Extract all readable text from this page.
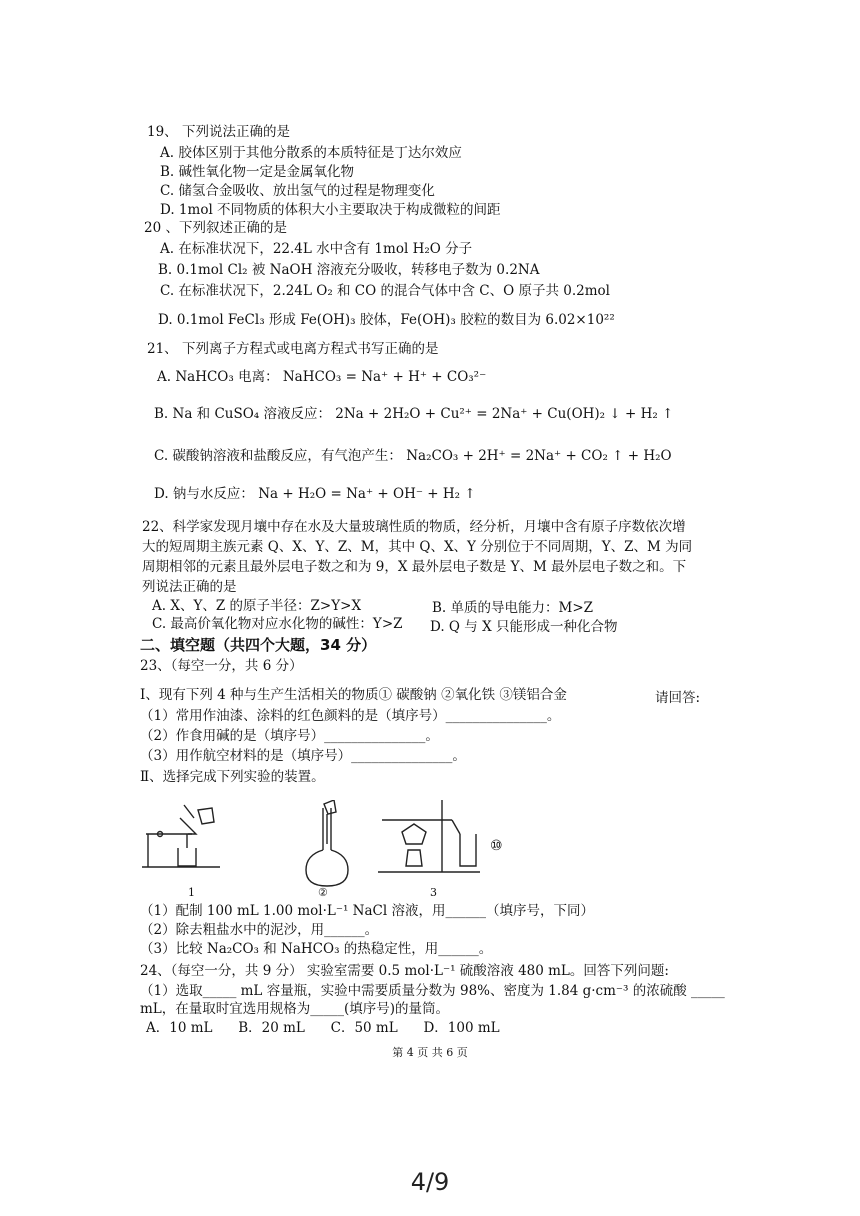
19、 下列说法正确的是
A. 胶体区别于其他分散系的本质特征是丁达尔效应
B. 碱性氧化物一定是金属氧化物
C. 储氢合金吸收、放出氢气的过程是物理变化
D. 1mol 不同物质的体积大小主要取决于构成微粒的间距
20 、下列叙述正确的是
A. 在标准状况下，22.4L 水中含有 1mol H₂O 分子
B. 0.1mol Cl₂ 被 NaOH 溶液充分吸收，转移电子数为 0.2NA
C. 在标准状况下，2.24L O₂ 和 CO 的混合气体中含 C、O 原子共 0.2mol
D. 0.1mol FeCl₃ 形成 Fe(OH)₃ 胶体，Fe(OH)₃ 胶粒的数目为 6.02×10²²
21、 下列离子方程式或电离方程式书写正确的是
A. NaHCO₃ 电离： NaHCO₃ = Na⁺ + H⁺ + CO₃²⁻
B. Na 和 CuSO₄ 溶液反应： 2Na + 2H₂O + Cu²⁺ = 2Na⁺ + Cu(OH)₂ ↓ + H₂ ↑
C. 碳酸钠溶液和盐酸反应，有气泡产生： Na₂CO₃ + 2H⁺ = 2Na⁺ + CO₂ ↑ + H₂O
D. 钠与水反应： Na + H₂O = Na⁺ + OH⁻ + H₂ ↑
22、科学家发现月壤中存在水及大量玻璃性质的物质，经分析，月壤中含有原子序数依次增
大的短周期主族元素 Q、X、Y、Z、M，其中 Q、X、Y 分别位于不同周期，Y、Z、M 为同
周期相邻的元素且最外层电子数之和为 9，X 最外层电子数是 Y、M 最外层电子数之和。下
列说法正确的是
A. X、Y、Z 的原子半径：Z>Y>X	B. 单质的导电能力：M>Z
C. 最高价氧化物对应水化物的碱性：Y>Z D. Q 与 X 只能形成一种化合物
二、填空题（共四个大题，34 分）
23、（每空一分，共 6 分）
Ⅰ、现有下列 4 种与生产生活相关的物质① 碳酸钠 ②氧化铁 ③镁铝合金	请回答:
（1）常用作油漆、涂料的红色颜料的是（填序号）_______________。
（2）作食用碱的是（填序号）_______________。
（3）用作航空材料的是（填序号）_______________。
Ⅱ、选择完成下列实验的装置。
1	②	3
⑩
（1）配制 100 mL 1.00 mol·L⁻¹ NaCl 溶液，用______（填序号，下同）
（2）除去粗盐水中的泥沙，用______。
（3）比较 Na₂CO₃ 和 NaHCO₃ 的热稳定性，用______。
24、（每空一分，共 9 分） 实验室需要 0.5 mol·L⁻¹ 硫酸溶液 480 mL。回答下列问题:
（1）选取_____ mL 容量瓶，实验中需要质量分数为 98%、密度为 1.84 g·cm⁻³ 的浓硫酸 _____
mL，在量取时宜选用规格为_____(填序号)的量筒。
A．10 mL      B．20 mL      C．50 mL      D．100 mL
第 4 页 共 6 页
4/9
